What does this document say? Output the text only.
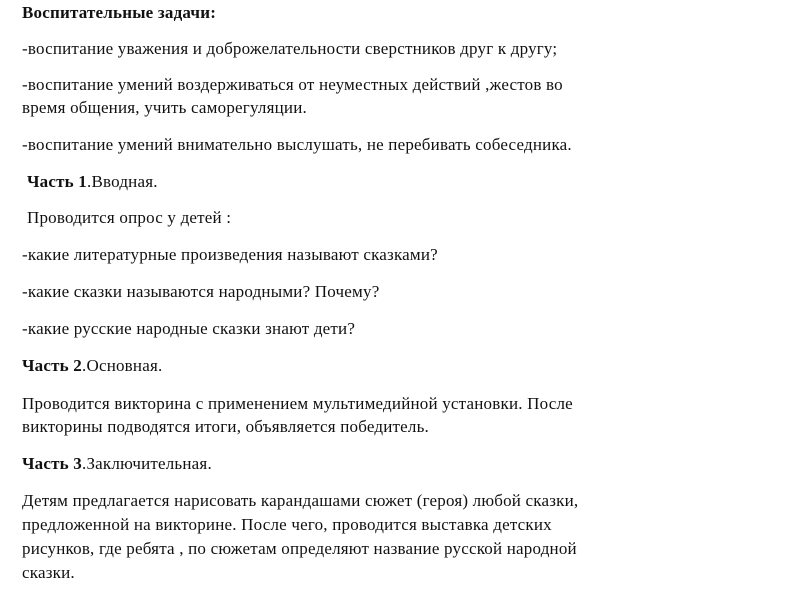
Воспитательные задачи:
-воспитание уважения и доброжелательности сверстников друг к другу;
-воспитание умений воздерживаться от неуместных действий ,жестов во
время общения, учить саморегуляции.
-воспитание умений внимательно выслушать, не перебивать собеседника.
Часть 1.Вводная.
Проводится опрос у детей :
-какие литературные произведения называют сказками?
-какие сказки называются народными? Почему?
-какие русские народные сказки знают дети?
Часть 2.Основная.
Проводится викторина с применением мультимедийной установки. После
викторины подводятся итоги, объявляется победитель.
Часть 3.Заключительная.
Детям предлагается нарисовать карандашами сюжет (героя) любой сказки,
предложенной на викторине. После чего, проводится выставка детских
рисунков, где ребята , по сюжетам определяют название русской народной
сказки.
